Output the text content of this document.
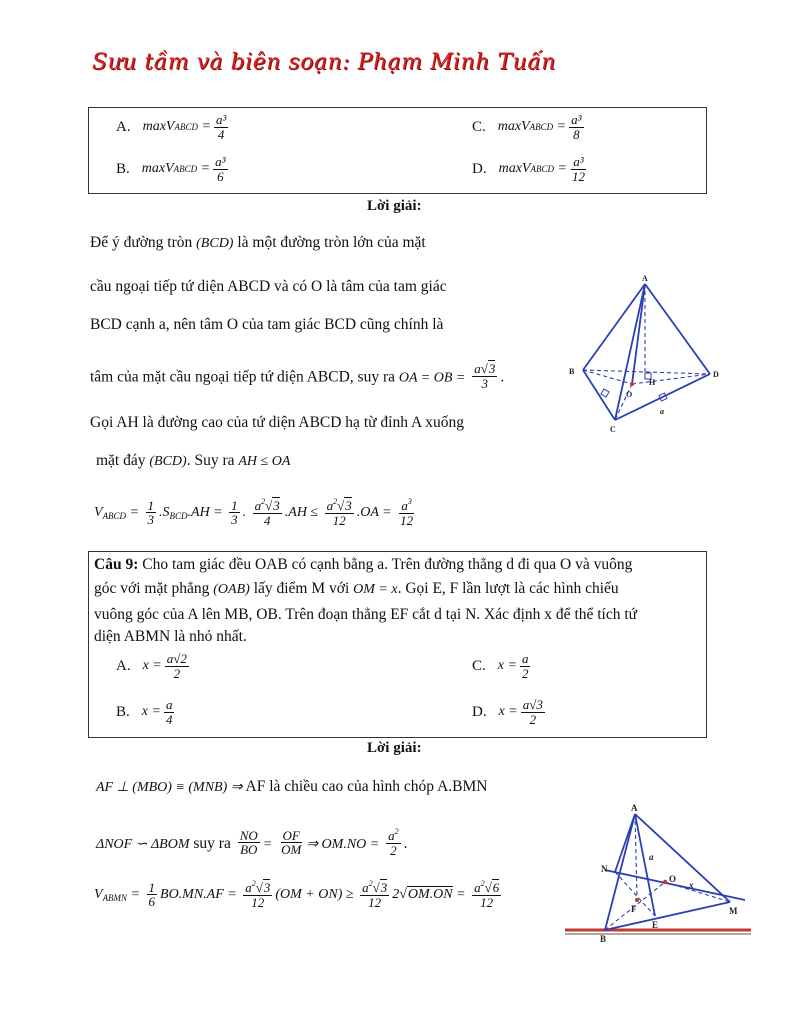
Sưu tầm và biên soạn: Phạm Minh Tuấn
A. maxV ABCD = $\frac{\text{a³}}{4}$	C. maxV ABCD = $\frac{\text{a³}}{8}$
B. maxV ABCD = $\frac{\text{a³}}{6}$	D. maxV ABCD = $\frac{\text{a³}}{12}$
Lời giải:
Để ý đường tròn (BCD) là một đường tròn lớn của mặt
cầu ngoại tiếp tứ diện ABCD và có O là tâm của tam giác
BCD cạnh a, nên tâm O của tam giác BCD cũng chính là
tâm của mặt cầu ngoại tiếp tứ diện ABCD, suy ra OA = OB = $\frac{a√3}{3}$ .
Gọi AH là đường cao của tứ diện ABCD hạ từ đỉnh A xuống
mặt đáy (BCD). Suy ra AH ≤ OA
$V_{ABCD} = \frac{1}{3} .S_{BCD}.AH = \frac{1}{3}$ . $\frac{a^2√3}{4} .AH \le \frac{a^2√3}{12} .OA = \frac{a^3}{12}$
A
B	D
O
H
C
a
Câu 9: Cho tam giác đều OAB có cạnh bằng a. Trên đường thẳng d đi qua O và vuông
góc với mặt phẳng (OAB) lấy điểm M với OM = x. Gọi E, F lần lượt là các hình chiếu
vuông góc của A lên MB, OB. Trên đoạn thẳng EF cắt d tại N. Xác định x để thể tích tứ
diện ABMN là nhỏ nhất.
A. $x = \frac{a√2}{2}$	C. $x = \frac{a}{2}$
B. $x = \frac{a}{4}$	D. $x = \frac{a√3}{2}$
Lời giải:
AF ⊥ (MBO) ≡ (MNB) ⇒ AF là chiều cao của hình chóp A.BMN
ΔNOF ∽ ΔBOM suy ra $\frac{NO}{BO} = \frac{OF}{OM}$ ⇒ $OM.NO = \frac{a^2}{2}$ .
$V_{ABMN} = \frac{1}{6} BO.MN.AF = \frac{a^2√3}{12} (OM + ON) \ge \frac{a^2√3}{12} 2√OM.ON = \frac{a^2√6}{12}$
A
N
a
O
x
F	M
B
E
